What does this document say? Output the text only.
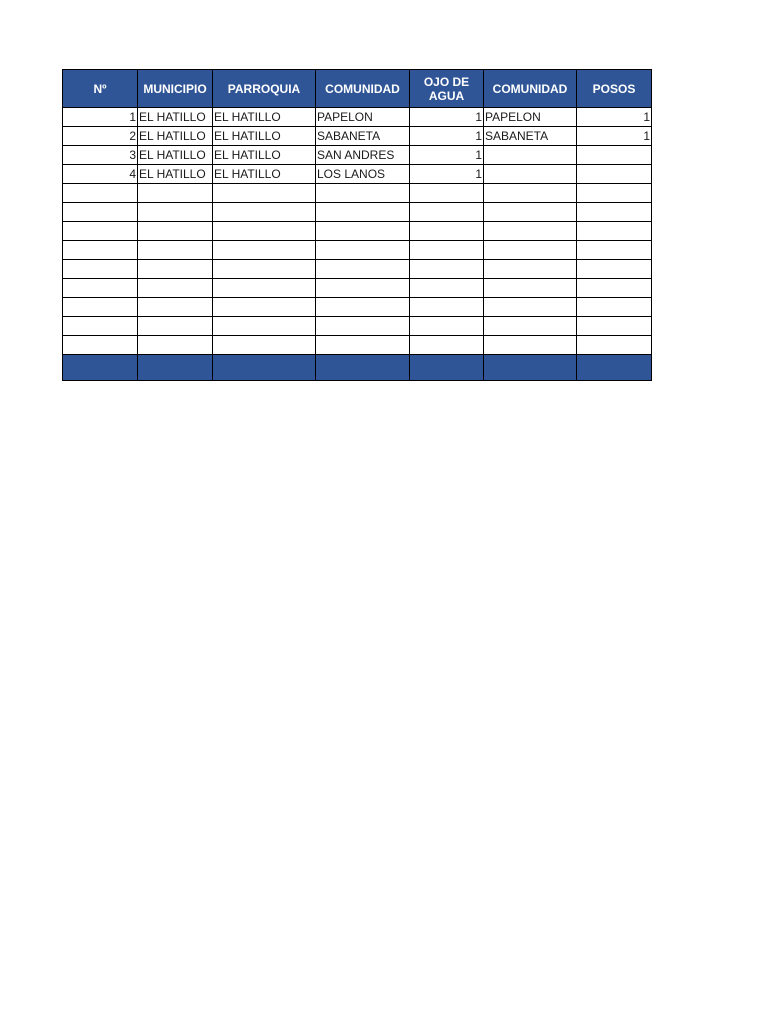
Nº	MUNICIPIO	PARROQUIA	COMUNIDAD	OJO DE AGUA	COMUNIDAD	POSOS
1	EL HATILLO	EL HATILLO	PAPELON	1	PAPELON	1
2	EL HATILLO	EL HATILLO	SABANETA	1	SABANETA	1
3	EL HATILLO	EL HATILLO	SAN ANDRES	1		
4	EL HATILLO	EL HATILLO	LOS LANOS	1		
